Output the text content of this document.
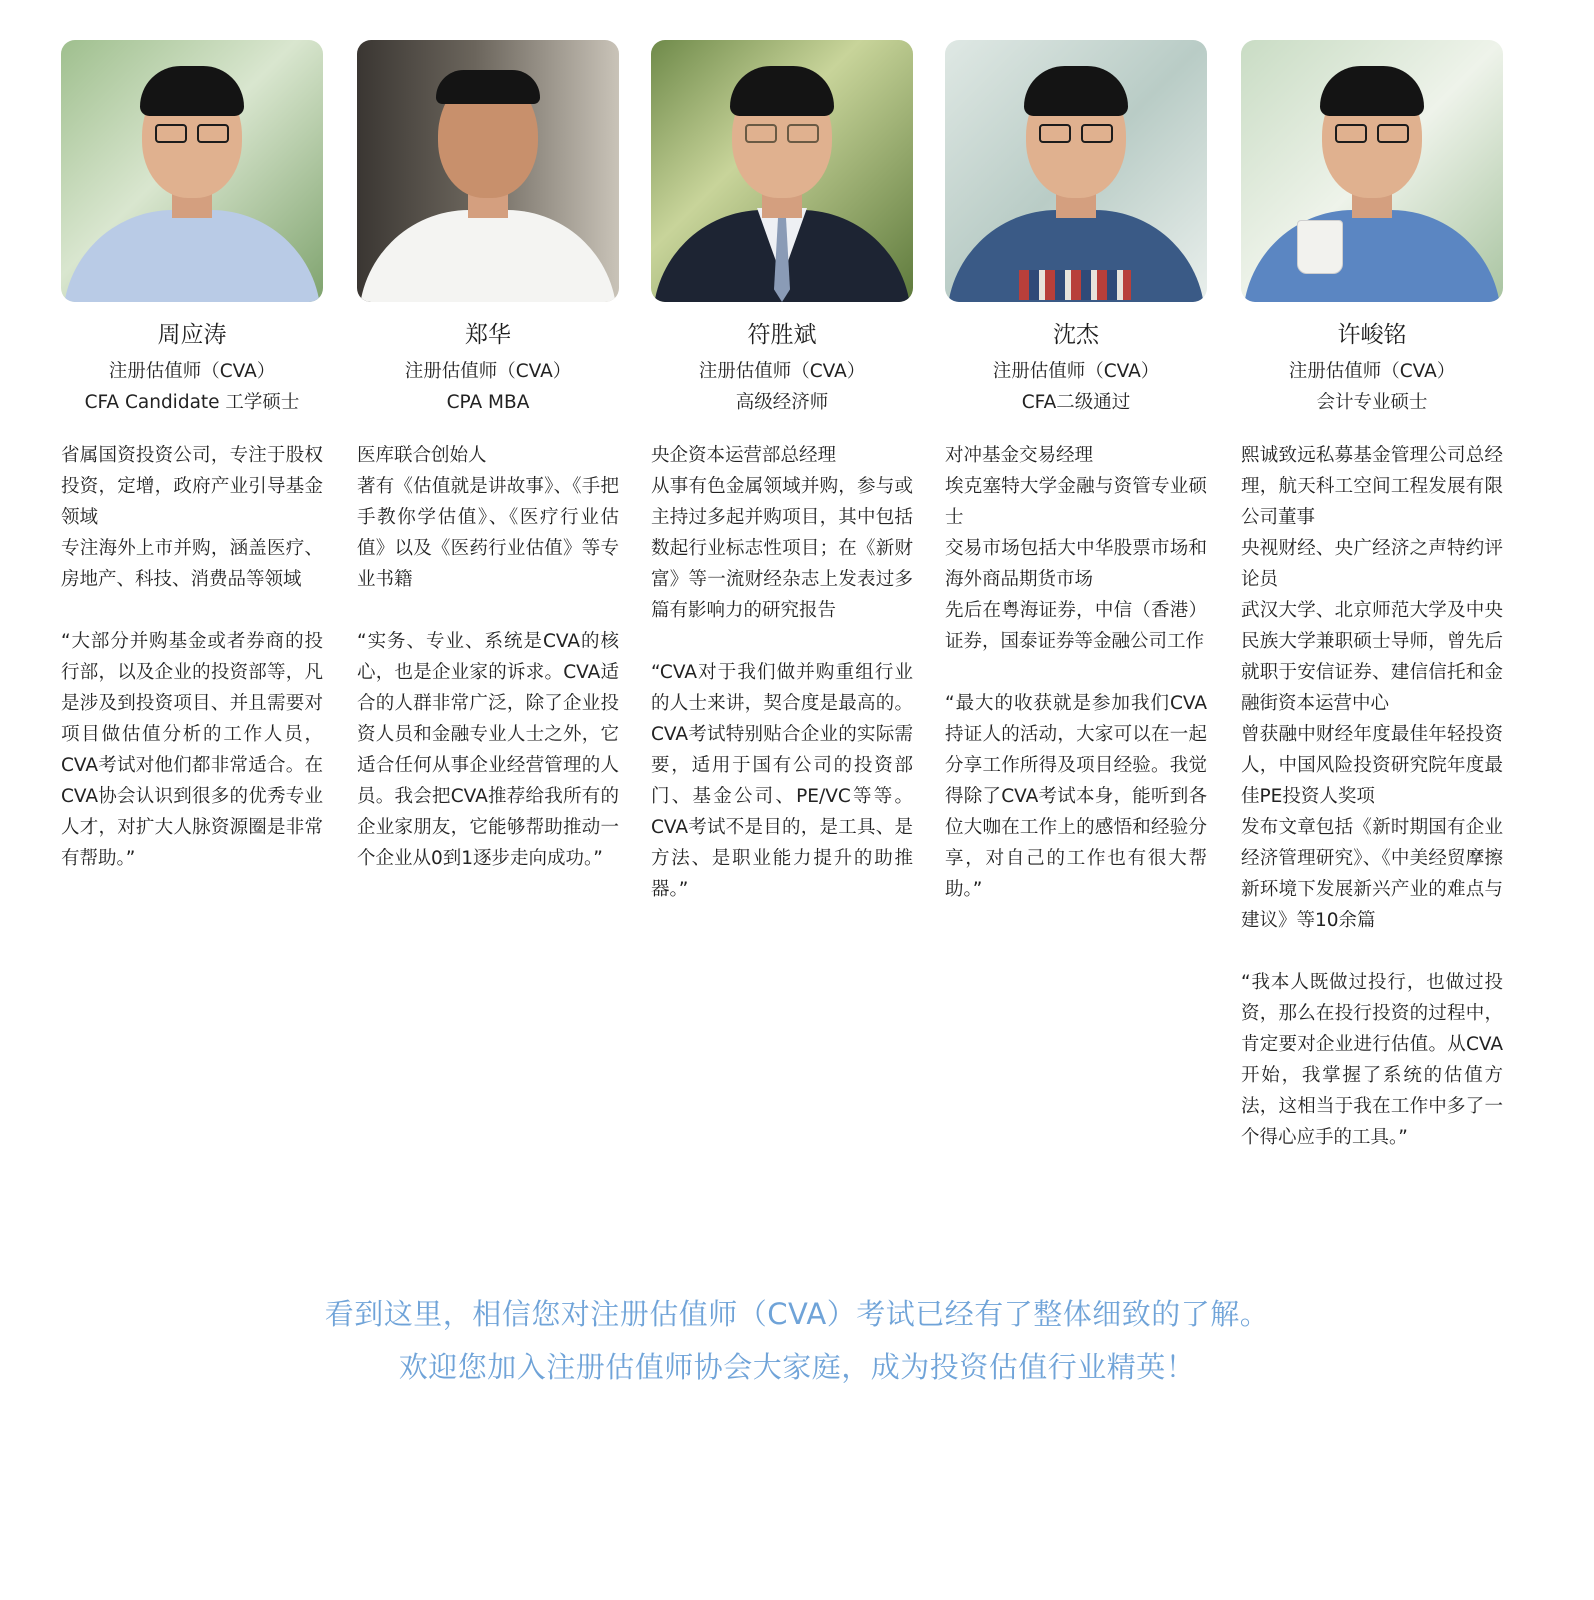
周应涛
注册估值师（CVA）
CFA Candidate 工学硕士

省属国资投资公司，专注于股权投资，定增，政府产业引导基金领域

专注海外上市并购，涵盖医疗、房地产、科技、消费品等领域

“大部分并购基金或者券商的投行部，以及企业的投资部等，凡是涉及到投资项目、并且需要对项目做估值分析的工作人员，CVA考试对他们都非常适合。在CVA协会认识到很多的优秀专业人才，对扩大人脉资源圈是非常有帮助。”
郑华
注册估值师（CVA）
CPA MBA

医库联合创始人

著有《估值就是讲故事》、《手把手教你学估值》、《医疗行业估值》以及《医药行业估值》等专业书籍

“实务、专业、系统是CVA的核心，也是企业家的诉求。CVA适合的人群非常广泛，除了企业投资人员和金融专业人士之外，它适合任何从事企业经营管理的人员。我会把CVA推荐给我所有的企业家朋友，它能够帮助推动一个企业从0到1逐步走向成功。”
符胜斌
注册估值师（CVA）
高级经济师

央企资本运营部总经理

从事有色金属领域并购，参与或主持过多起并购项目，其中包括数起行业标志性项目；在《新财富》等一流财经杂志上发表过多篇有影响力的研究报告

“CVA对于我们做并购重组行业的人士来讲，契合度是最高的。CVA考试特别贴合企业的实际需要，适用于国有公司的投资部门、基金公司、PE/VC等等。CVA考试不是目的，是工具、是方法、是职业能力提升的助推器。”
沈杰
注册估值师（CVA）
CFA二级通过

对冲基金交易经理

埃克塞特大学金融与资管专业硕士

交易市场包括大中华股票市场和海外商品期货市场

先后在粤海证券，中信（香港）证券，国泰证券等金融公司工作

“最大的收获就是参加我们CVA持证人的活动，大家可以在一起分享工作所得及项目经验。我觉得除了CVA考试本身，能听到各位大咖在工作上的感悟和经验分享，对自己的工作也有很大帮助。”
许峻铭
注册估值师（CVA）
会计专业硕士

熙诚致远私募基金管理公司总经理，航天科工空间工程发展有限公司董事

央视财经、央广经济之声特约评论员

武汉大学、北京师范大学及中央民族大学兼职硕士导师，曾先后就职于安信证券、建信信托和金融街资本运营中心

曾获融中财经年度最佳年轻投资人，中国风险投资研究院年度最佳PE投资人奖项

发布文章包括《新时期国有企业经济管理研究》、《中美经贸摩擦新环境下发展新兴产业的难点与建议》等10余篇

“我本人既做过投行，也做过投资，那么在投行投资的过程中，肯定要对企业进行估值。从CVA开始，我掌握了系统的估值方法，这相当于我在工作中多了一个得心应手的工具。”
看到这里，相信您对注册估值师（CVA）考试已经有了整体细致的了解。
欢迎您加入注册估值师协会大家庭，成为投资估值行业精英！
